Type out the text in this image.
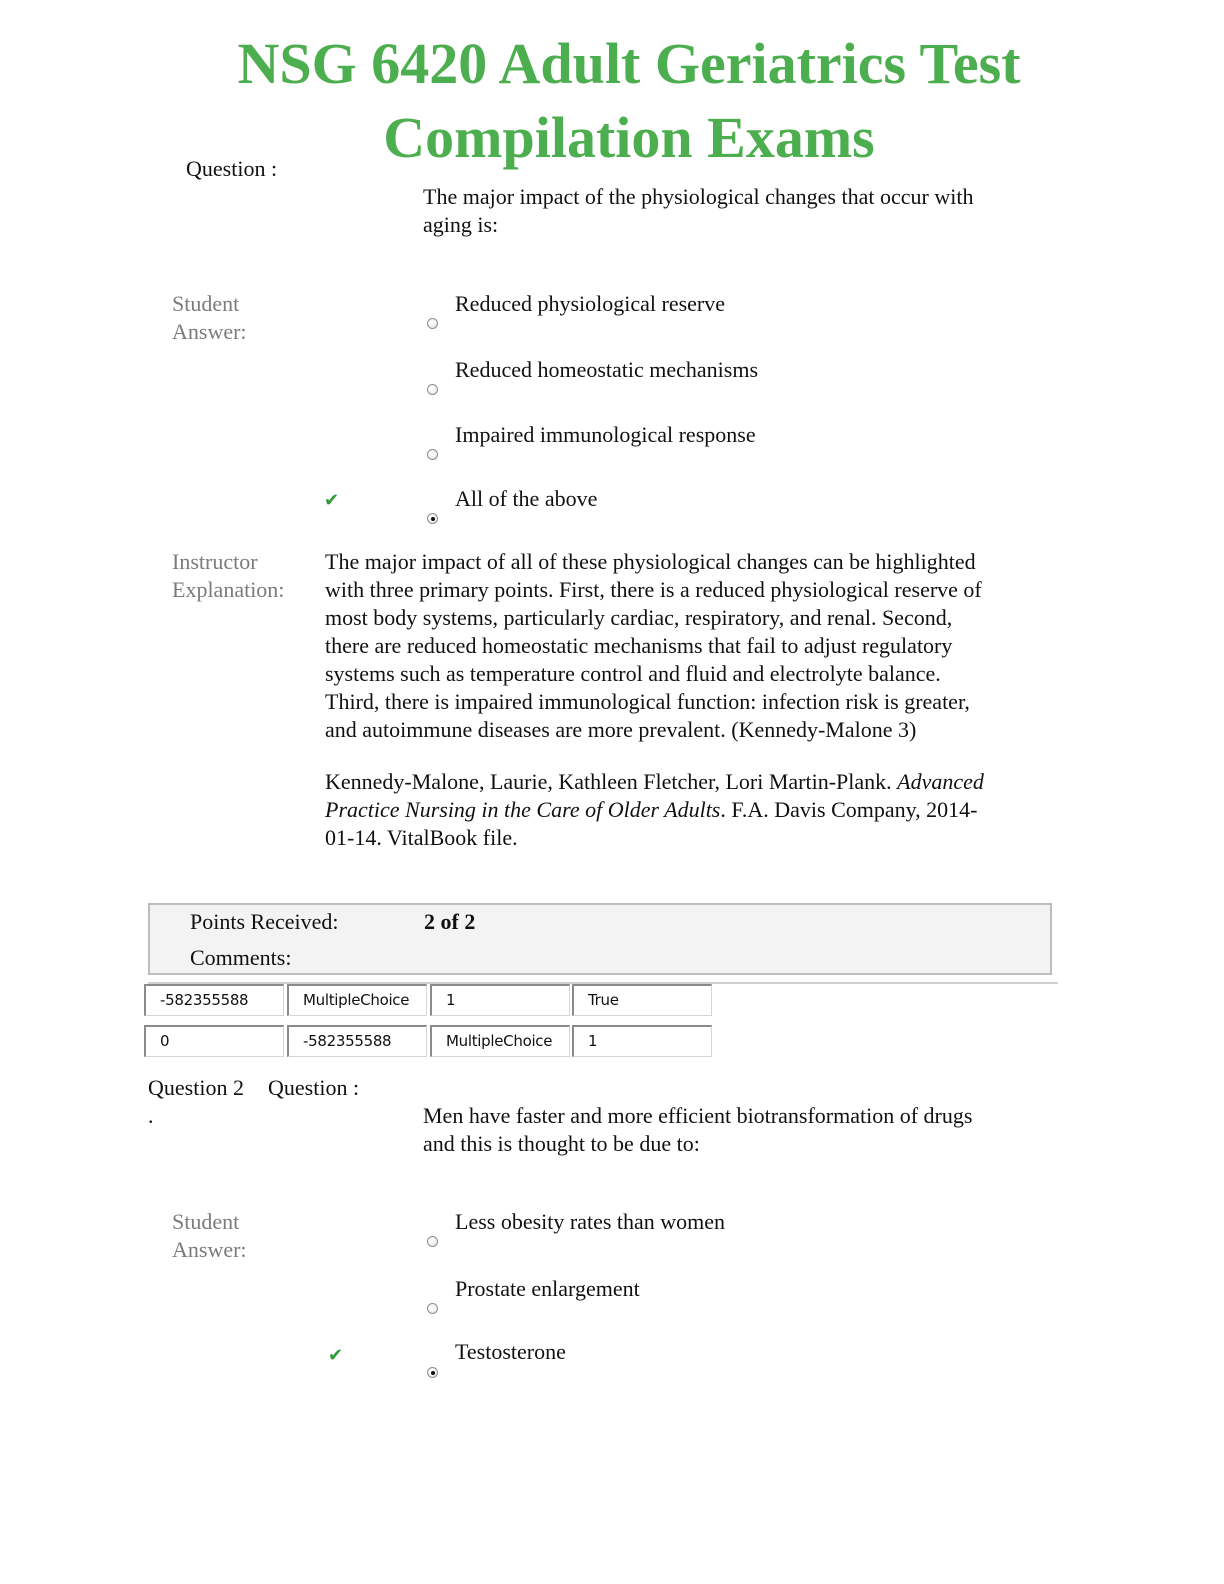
NSG 6420 Adult Geriatrics Test
Compilation Exams
Question :
The major impact of the physiological changes that occur with
aging is:
Student
Answer:
Reduced physiological reserve
Reduced homeostatic mechanisms
Impaired immunological response
✔	All of the above
Instructor
Explanation:
The major impact of all of these physiological changes can be highlighted
with three primary points. First, there is a reduced physiological reserve of
most body systems, particularly cardiac, respiratory, and renal. Second,
there are reduced homeostatic mechanisms that fail to adjust regulatory
systems such as temperature control and fluid and electrolyte balance.
Third, there is impaired immunological function: infection risk is greater,
and autoimmune diseases are more prevalent. (Kennedy-Malone 3)
Kennedy-Malone, Laurie, Kathleen Fletcher, Lori Martin-Plank. Advanced
Practice Nursing in the Care of Older Adults. F.A. Davis Company, 2014-
01-14. VitalBook file.
Points Received:	2 of 2
Comments:
-582355588	MultipleChoice	1	True
0	-582355588	MultipleChoice	1
Question 2
.
Question :
Men have faster and more efficient biotransformation of drugs
and this is thought to be due to:
Student
Answer:
Less obesity rates than women
Prostate enlargement
✔	Testosterone
